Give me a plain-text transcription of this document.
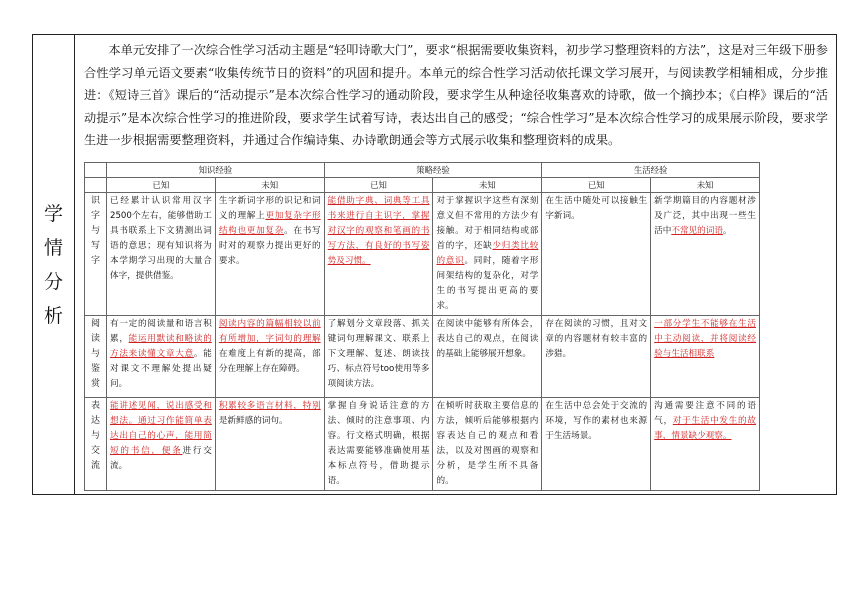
学
情
分
析

本单元安排了一次综合性学习活动主题是“轻叩诗歌大门”，要求“根据需要收集资料，初步学习整理资料的方法”，这是对三年级下册参合性学习单元语文要素“收集传统节日的资料”的巩固和提升。本单元的综合性学习活动依托课文学习展开，与阅读教学相辅相成，分步推进：《短诗三首》课后的“活动提示”是本次综合性学习的通动阶段，要求学生从种途径收集喜欢的诗歌，做一个摘抄本；《白桦》课后的“活动提示”是本次综合性学习的推进阶段，要求学生试着写诗，表达出自己的感受；“综合性学习”是本次综合性学习的成果展示阶段，要求学生进一步根据需要整理资料，并通过合作编诗集、办诗歌朗通会等方式展示收集和整理资料的成果。

	知识经验		策略经验		生活经验	
	已知	未知	已知	未知	已知	未知

识
字
与
写
字	已经累计认识常用汉字2500个左右，能够借助工具书联系上下文猜测出词语的意思；现有知识将为本学期学习出现的大量合体字，提供借鉴。	生字新词字形的识记和词义的理解上更加复杂字形结构也更加复杂。在书写时对的观察力提出更好的要求。	能借助字典、词典等工具书来进行自主识字，掌握对汉字的观察和笔画的书写方法，有良好的书写姿势及习惯。	对于掌握识字这些有深刻意义但不常用的方法少有接触。对于相同结构或部首的字，还缺少归类比较的意识。同时，随着字形间架结构的复杂化，对学生的书写提出更高的要求。	在生活中随处可以接触生字新词。	新学期篇目的内容题材涉及广泛，其中出现一些生活中不常见的词语。

阅
读
与
鉴
赏	有一定的阅读量和语言积累，能运用默读和略读的方法来读懂文章大意。能对课文不理解处提出疑问。	阅读内容的篇幅相较以前有所增加，字词句的理解在难度上有新的提高，部分在理解上存在障碍。	了解划分文章段落、抓关键词句理解课文、联系上下文理解、复述、朗读技巧、标点符号too使用等多项阅读方法。	在阅读中能够有所体会，表达自己的观点，在阅读的基础上能够展开想象。	存在阅读的习惯，且对文章的内容题材有较丰富的涉猎。	一部分学生不能够在生活中主动阅读，并将阅读经验与生活相联系

表
达
与
交
流	能讲述见闻，说出感受和想法。通过习作能简单表达出自己的心声，能用简短的书信，便条进行交流。	积累较多语言材料，特别是新鲜感的词句。	掌握自身说话注意的方法、倾时的注意事项、内容。行文格式明确，根据表达需要能够准确使用基本标点符号，借助提示语。	在倾听时获取主要信息的方法，倾听后能够根据内容表达自己的观点和看法，以及对图画的观察和分析，是学生所不具备的。	在生活中总会处于交流的环境，写作的素材也来源于生活场景。	沟通需要注意不同的语气，对于生活中发生的故事，情景缺少观察。
